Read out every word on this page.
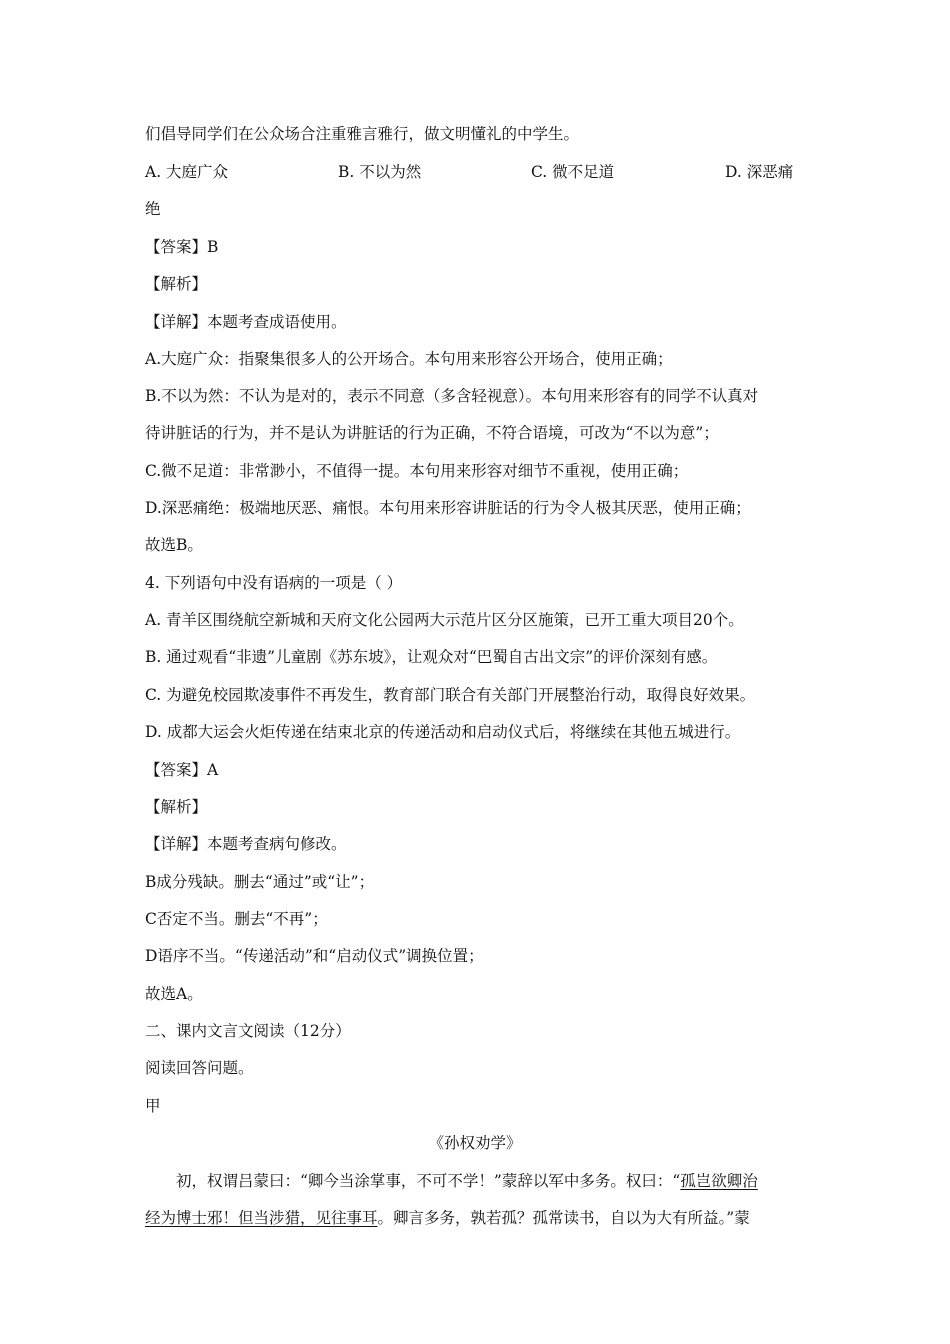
们倡导同学们在公众场合注重雅言雅行，做文明懂礼的中学生。
A. 大庭广众	B. 不以为然	C. 微不足道	D. 深恶痛
绝
【答案】B
【解析】
【详解】本题考查成语使用。
A.大庭广众：指聚集很多人的公开场合。本句用来形容公开场合，使用正确；
B.不以为然：不认为是对的，表示不同意（多含轻视意）。本句用来形容有的同学不认真对
待讲脏话的行为，并不是认为讲脏话的行为正确，不符合语境，可改为“不以为意”；
C.微不足道：非常渺小，不值得一提。本句用来形容对细节不重视，使用正确；
D.深恶痛绝：极端地厌恶、痛恨。本句用来形容讲脏话的行为令人极其厌恶，使用正确；
故选B。
4. 下列语句中没有语病的一项是（ ）
A. 青羊区围绕航空新城和天府文化公园两大示范片区分区施策，已开工重大项目20个。
B. 通过观看“非遗”儿童剧《苏东坡》，让观众对“巴蜀自古出文宗”的评价深刻有感。
C. 为避免校园欺凌事件不再发生，教育部门联合有关部门开展整治行动，取得良好效果。
D. 成都大运会火炬传递在结束北京的传递活动和启动仪式后，将继续在其他五城进行。
【答案】A
【解析】
【详解】本题考查病句修改。
B成分残缺。删去“通过”或“让”；
C否定不当。删去“不再”；
D语序不当。“传递活动”和“启动仪式”调换位置；
故选A。
二、课内文言文阅读（12分）
阅读回答问题。
甲
《孙权劝学》
初，权谓吕蒙曰：“卿今当涂掌事，不可不学！”蒙辞以军中多务。权曰：“孤岂欲卿治
经为博士邪！但当涉猎，见往事耳。卿言多务，孰若孤？孤常读书，自以为大有所益。”蒙
